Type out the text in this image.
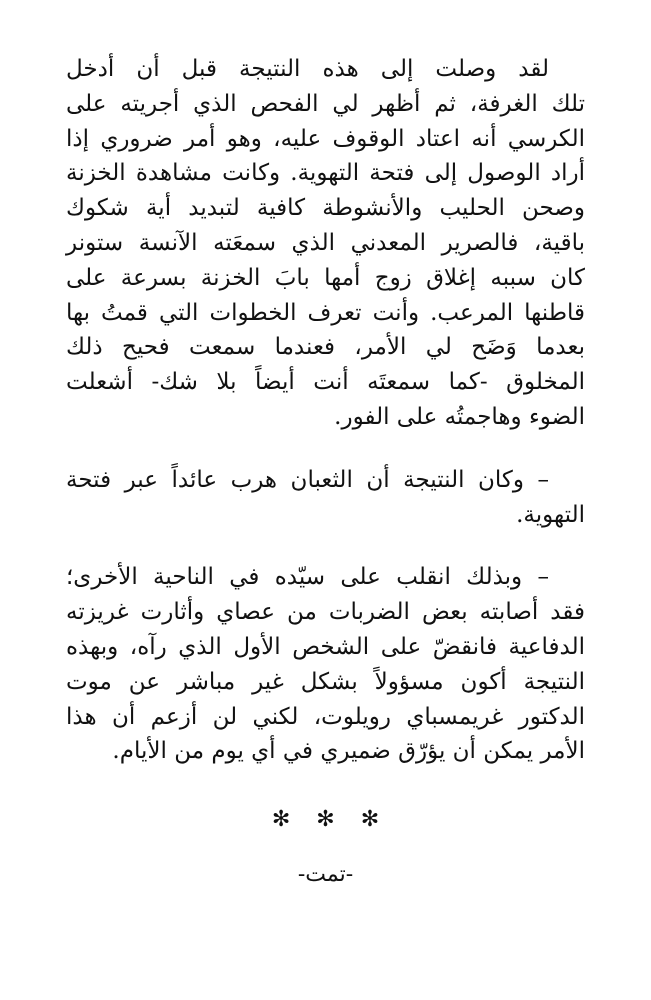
لقد وصلت إلى هذه النتيجة قبل أن أدخل
تلك الغرفة، ثم أظهر لي الفحص الذي أجريته على
الكرسي أنه اعتاد الوقوف عليه، وهو أمر ضروري إذا
أراد الوصول إلى فتحة التهوية. وكانت مشاهدة الخزنة
وصحن الحليب والأنشوطة كافية لتبديد أية شكوك
باقية، فالصرير المعدني الذي سمعَته الآنسة ستونر
كان سببه إغلاق زوج أمها بابَ الخزنة بسرعة على
قاطنها المرعب. وأنت تعرف الخطوات التي قمتُ بها
بعدما وَضَح لي الأمر، فعندما سمعت فحيح ذلك
المخلوق -كما سمعتَه أنت أيضاً بلا شك- أشعلت
الضوء وهاجمتُه على الفور.
– وكان النتيجة أن الثعبان هرب عائداً عبر فتحة
التهوية.
– وبذلك انقلب على سيّده في الناحية الأخرى؛
فقد أصابته بعض الضربات من عصاي وأثارت غريزته
الدفاعية فانقضّ على الشخص الأول الذي رآه، وبهذه
النتيجة أكون مسؤولاً بشكل غير مباشر عن موت
الدكتور غريمسباي رويلوت، لكني لن أزعم أن هذا
الأمر يمكن أن يؤرّق ضميري في أي يوم من الأيام.
✻✻✻
-تمت-
